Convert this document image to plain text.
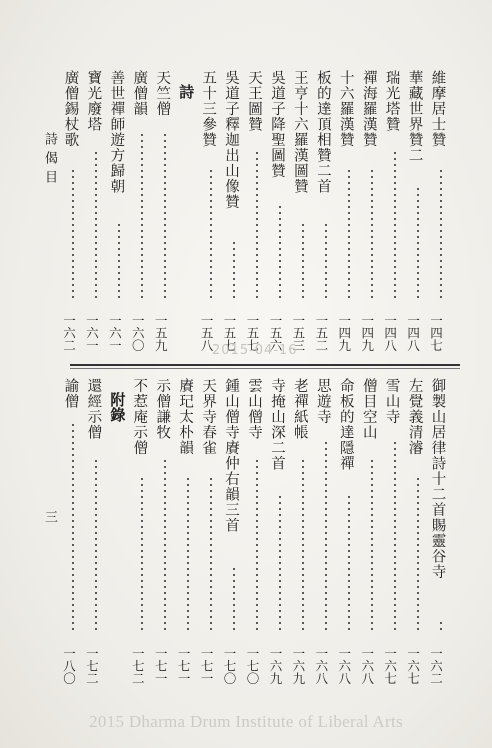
詩偈目
三
維摩居士贊
一四七
華藏世界贊二
一四八
瑞光塔贊
一四八
禪海羅漢贊
一四九
十六羅漢贊
一四九
板的達頂相贊二首
一五二
王亨十六羅漢圖贊
一五三
吳道子降聖圖贊
一五六
天王圖贊
一五七
吳道子釋迦出山像贊
一五七
五十三參贊
一五八
詩
天竺僧
一五九
廣僧韻
一六〇
善世禪師遊方歸朝
一六一
寶光廢塔
一六一
廣僧錫杖歌
一六二	2015-04-16
御製山居律詩十二首賜靈谷寺
一六二
左覺義清濬
一六七
雪山寺
一六七
僧目空山
一六八
命板的達隱禪
一六八
思遊寺
一六八
老禪紙帳
一六九
寺掩山深二首
一六九
雲山僧寺
一七〇
鍾山僧寺賡仲右韻三首
一七〇
天界寺春雀
一七一
賡玘太朴韻
一七一
示僧謙牧
一七一
不惹庵示僧
一七二
附錄
還經示僧
一七二
諭僧
一八〇
2015 Dharma Drum Institute of Liberal Arts
